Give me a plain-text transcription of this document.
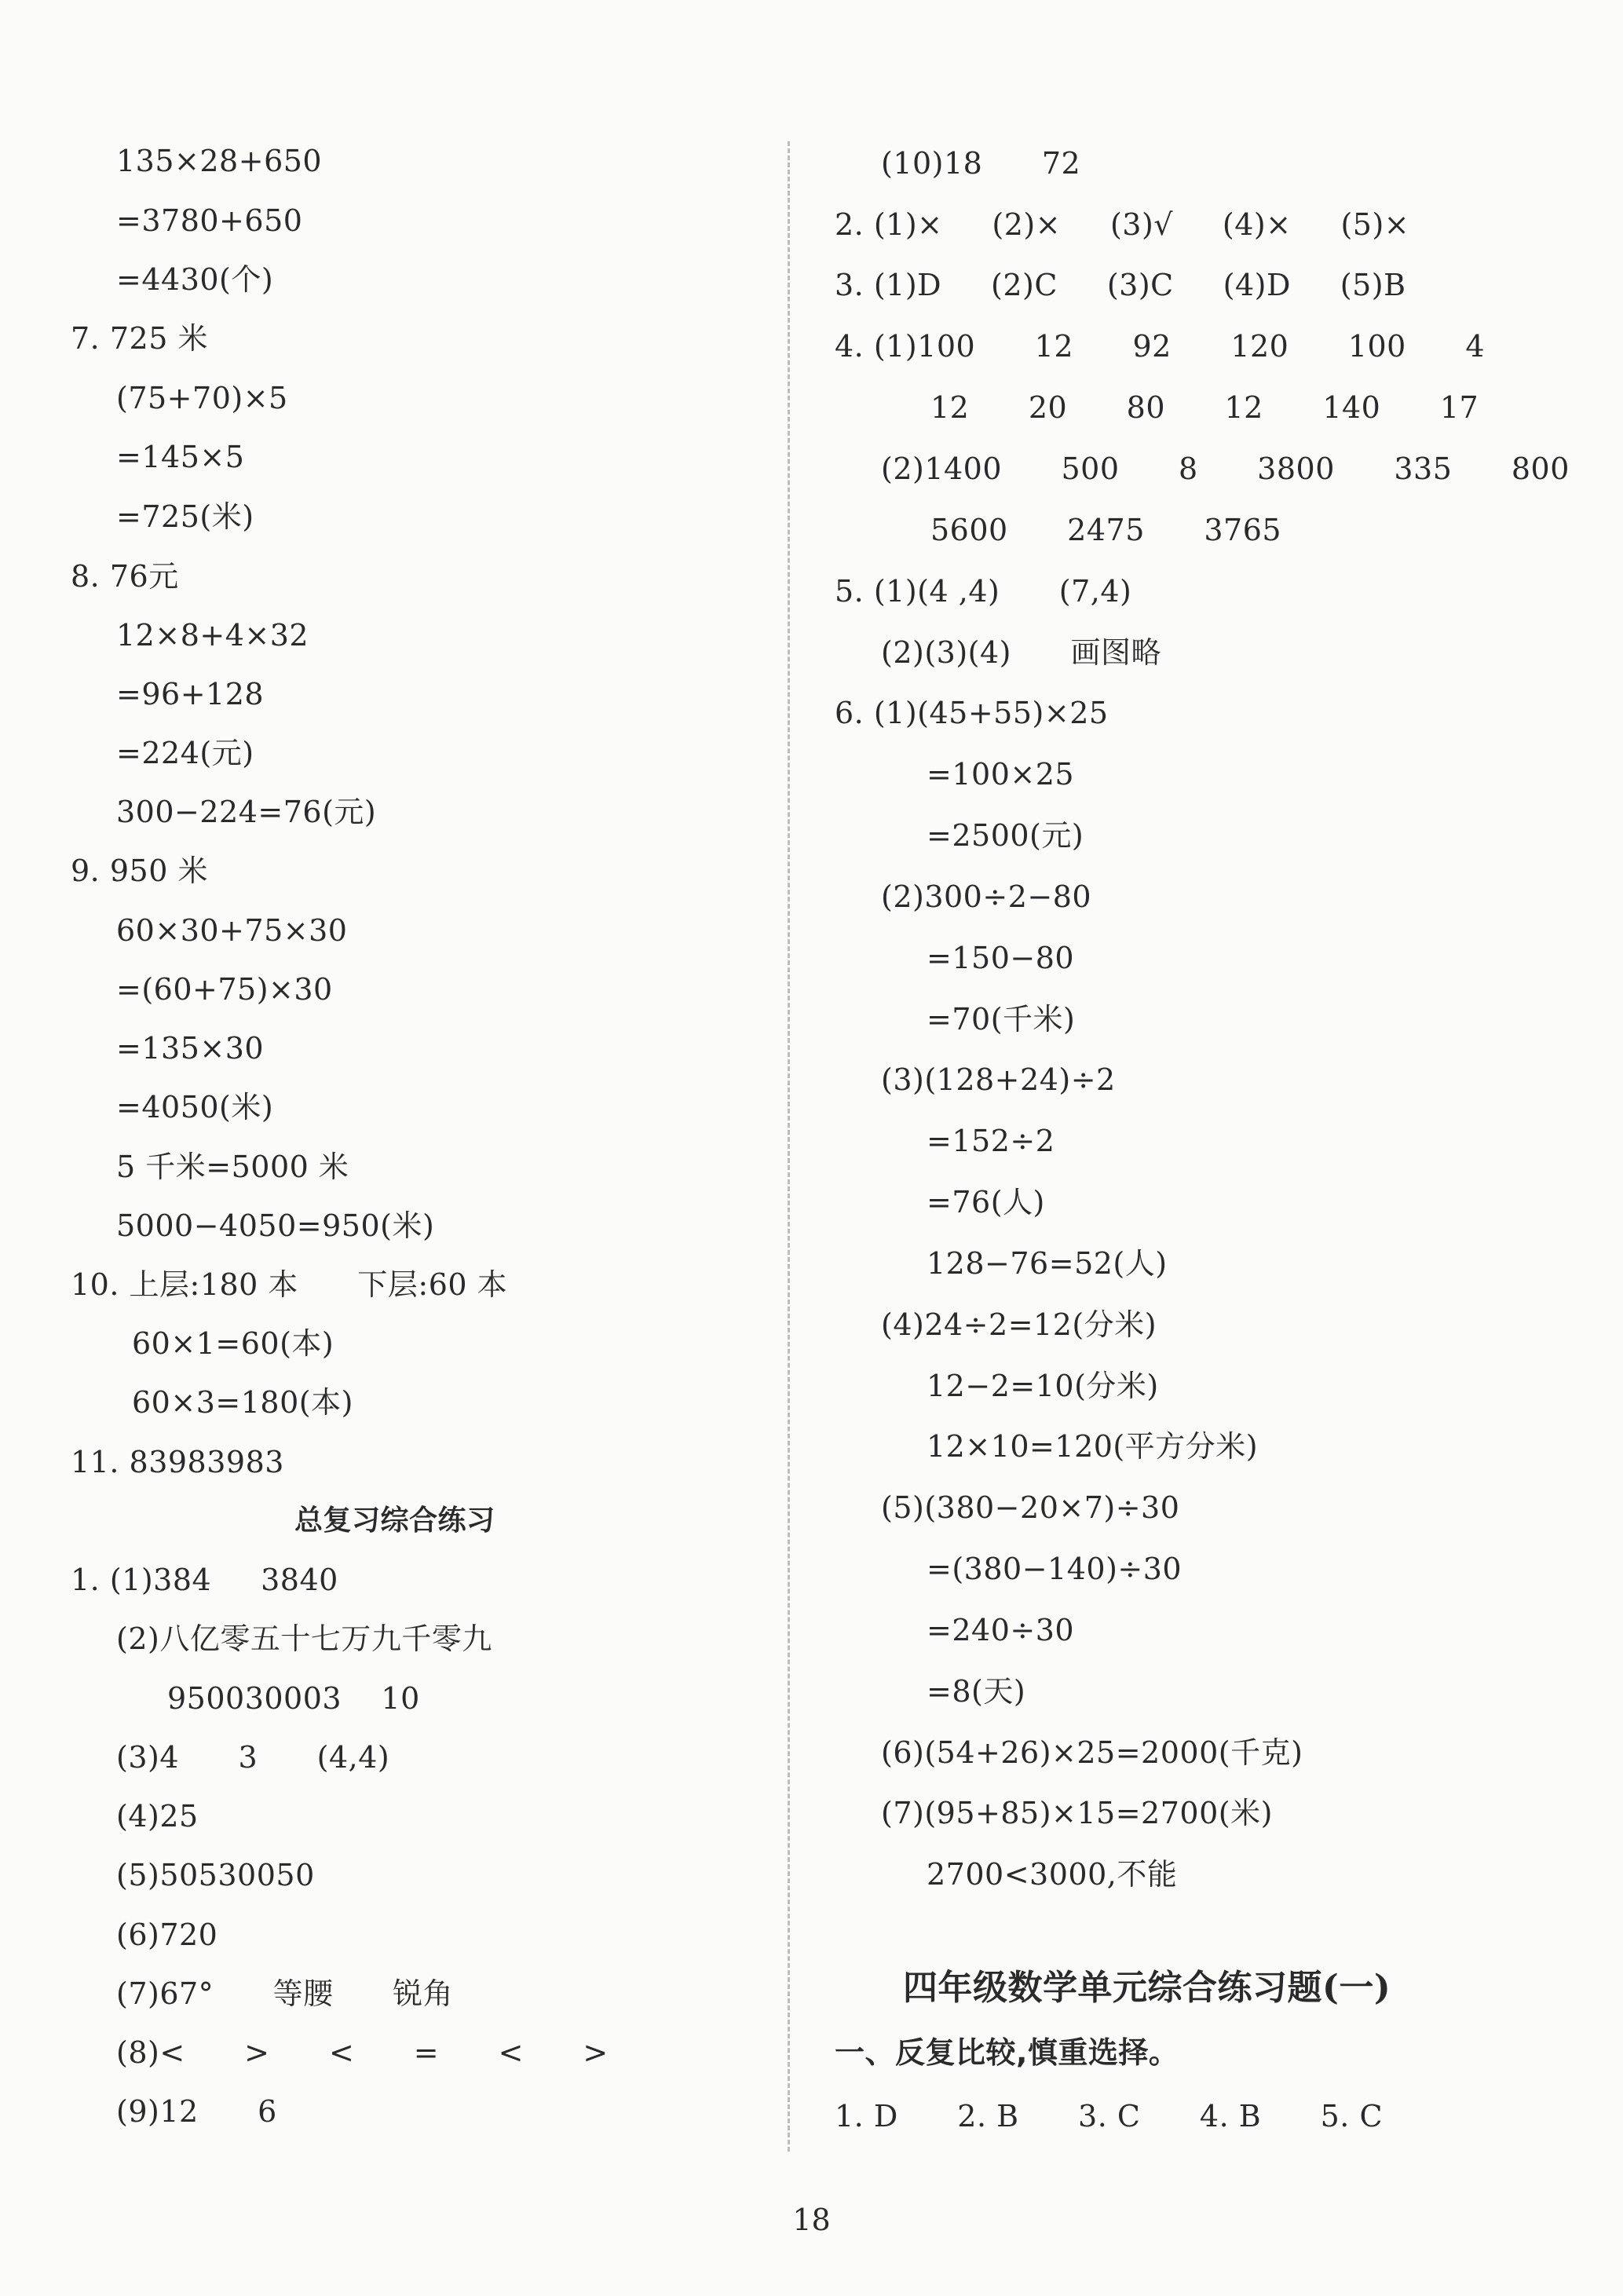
135×28+650
=3780+650
=4430(个)
7. 725 米
(75+70)×5
=145×5
=725(米)
8. 76元
12×8+4×32
=96+128
=224(元)
300−224=76(元)
9. 950 米
60×30+75×30
=(60+75)×30
=135×30
=4050(米)
5 千米=5000 米
5000−4050=950(米)
10. 上层:180 本      下层:60 本
60×1=60(本)
60×3=180(本)
11. 83983983
总复习综合练习
1. (1)384     3840
(2)八亿零五十七万九千零九
950030003    10
(3)4      3      (4,4)
(4)25
(5)50530050
(6)720
(7)67°      等腰      锐角
(8)<      >      <      =      <      >
(9)12      6
(10)18      72
2. (1)×     (2)×     (3)√     (4)×     (5)×
3. (1)D     (2)C     (3)C     (4)D     (5)B
4. (1)100      12      92      120      100      4
12      20      80      12      140      17
(2)1400      500      8      3800      335      800
5600      2475      3765
5. (1)(4 ,4)      (7,4)
(2)(3)(4)      画图略
6. (1)(45+55)×25
=100×25
=2500(元)
(2)300÷2−80
=150−80
=70(千米)
(3)(128+24)÷2
=152÷2
=76(人)
128−76=52(人)
(4)24÷2=12(分米)
12−2=10(分米)
12×10=120(平方分米)
(5)(380−20×7)÷30
=(380−140)÷30
=240÷30
=8(天)
(6)(54+26)×25=2000(千克)
(7)(95+85)×15=2700(米)
2700<3000,不能
四年级数学单元综合练习题(一)
一、反复比较,慎重选择。
1. D      2. B      3. C      4. B      5. C
18
